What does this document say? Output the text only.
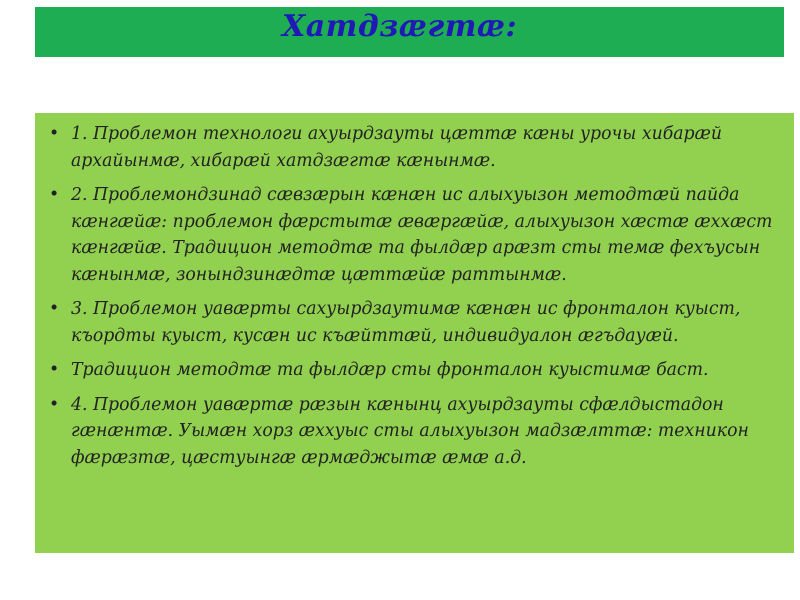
Хатдзæгтæ:
• 1. Проблемон технологи ахуырдзауты цæттæ кæны урочы хибарæй архайынмæ, хибарæй хатдзæгтæ кæнынмæ.
• 2. Проблемондзинад сæвзæрын кæнæн ис алыхуызон методтæй пайда кæнгæйæ: проблемон фæрстытæ æвæргæйæ, алыхуызон хæстæ æххæст кæнгæйæ. Традицион методтæ та фылдæр арæзт сты темæ фехъусын кæнынмæ, зонындзинæдтæ цæттæйæ раттынмæ.
• 3. Проблемон уавæрты сахуырдзаутимæ кæнæн ис фронталон куыст, къордты куыст, кусæн ис къæйттæй, индивидуалон æгъдауæй.
• Традицион методтæ та фылдæр сты фронталон куыстимæ баст.
• 4. Проблемон уавæртæ рæзын кæнынц ахуырдзауты сфæлдыстадон гæнæнтæ. Уымæн хорз æххуыс сты алыхуызон мадзæлттæ: техникон фæрæзтæ, цæстуынгæ æрмæджытæ æмæ а.д.
